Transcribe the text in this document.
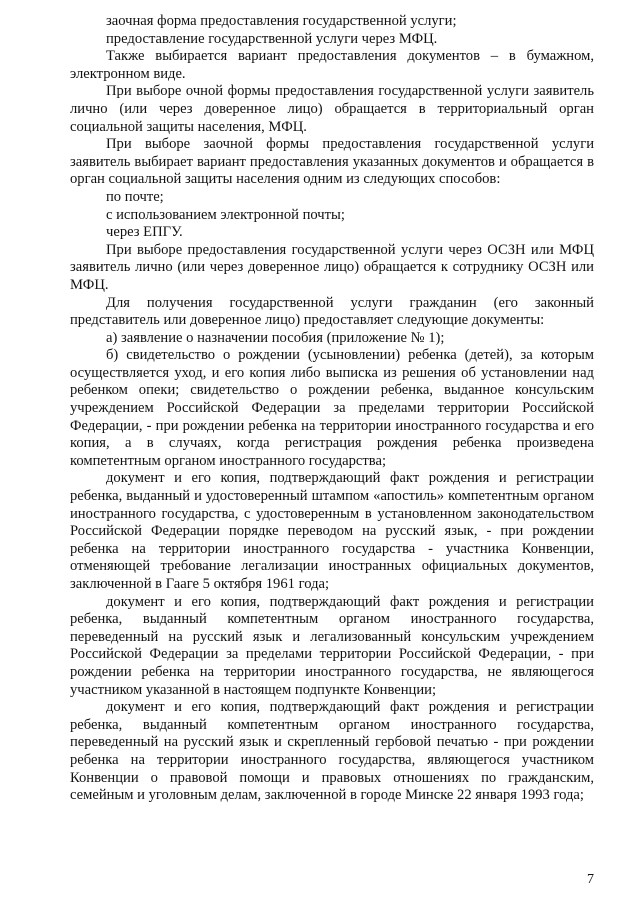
заочная форма предоставления государственной услуги;

предоставление государственной услуги через МФЦ.

Также выбирается вариант предоставления документов – в бумажном, электронном виде.

При выборе очной формы предоставления государственной услуги заявитель лично (или через доверенное лицо) обращается в территориальный орган социальной защиты населения, МФЦ.

При выборе заочной формы предоставления государственной услуги заявитель выбирает вариант предоставления указанных документов и обращается в орган социальной защиты населения одним из следующих способов:

по почте;

с использованием электронной почты;

через ЕПГУ.

При выборе предоставления государственной услуги через ОСЗН или МФЦ заявитель лично (или через доверенное лицо) обращается к сотруднику ОСЗН или МФЦ.

Для получения государственной услуги гражданин (его законный представитель или доверенное лицо) предоставляет следующие документы:

а) заявление о назначении пособия (приложение № 1);

б) свидетельство о рождении (усыновлении) ребенка (детей), за которым осуществляется уход, и его копия либо выписка из решения об установлении над ребенком опеки; свидетельство о рождении ребенка, выданное консульским учреждением Российской Федерации за пределами территории Российской Федерации, - при рождении ребенка на территории иностранного государства и его копия, а в случаях, когда регистрация рождения ребенка произведена компетентным органом иностранного государства;

документ и его копия, подтверждающий факт рождения и регистрации ребенка, выданный и удостоверенный штампом «апостиль» компетентным органом иностранного государства, с удостоверенным в установленном законодательством Российской Федерации порядке переводом на русский язык, - при рождении ребенка на территории иностранного государства - участника Конвенции, отменяющей требование легализации иностранных официальных документов, заключенной в Гааге 5 октября 1961 года;

документ и его копия, подтверждающий факт рождения и регистрации ребенка, выданный компетентным органом иностранного государства, переведенный на русский язык и легализованный консульским учреждением Российской Федерации за пределами территории Российской Федерации, - при рождении ребенка на территории иностранного государства, не являющегося участником указанной в настоящем подпункте Конвенции;

документ и его копия, подтверждающий факт рождения и регистрации ребенка, выданный компетентным органом иностранного государства, переведенный на русский язык и скрепленный гербовой печатью - при рождении ребенка на территории иностранного государства, являющегося участником Конвенции о правовой помощи и правовых отношениях по гражданским, семейным и уголовным делам, заключенной в городе Минске 22 января 1993 года;

7
